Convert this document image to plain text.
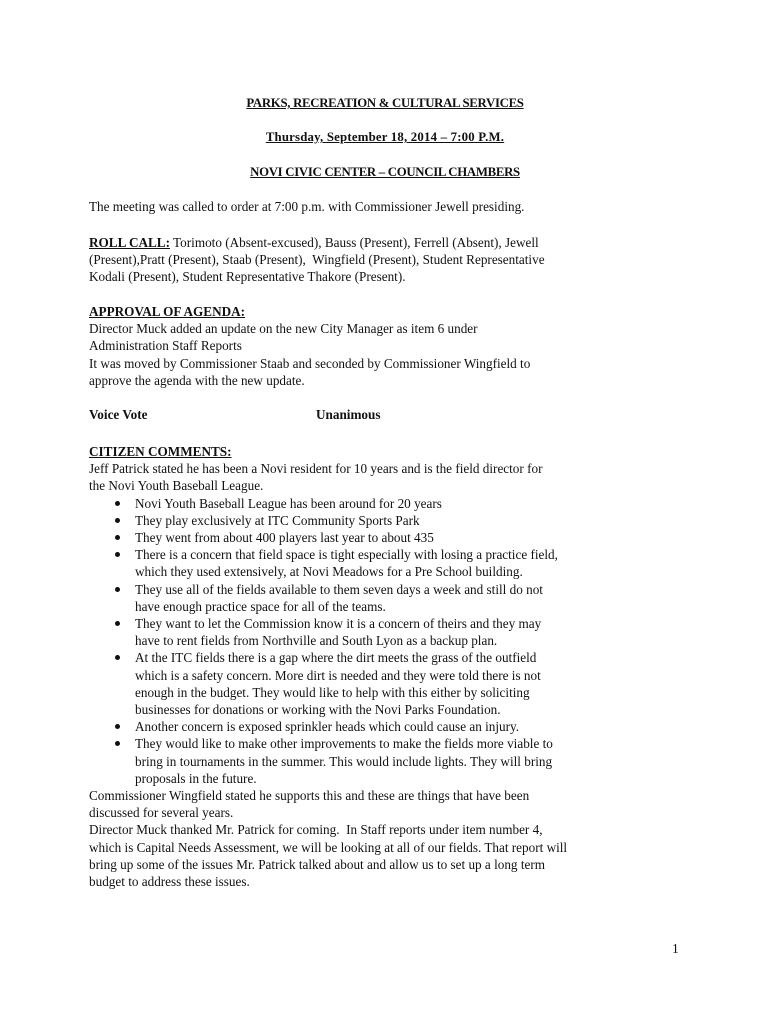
PARKS, RECREATION & CULTURAL SERVICES
Thursday, September 18, 2014 – 7:00 P.M.
NOVI CIVIC CENTER – COUNCIL CHAMBERS
The meeting was called to order at 7:00 p.m. with Commissioner Jewell presiding.
ROLL CALL: Torimoto (Absent-excused), Bauss (Present), Ferrell (Absent), Jewell
(Present),Pratt (Present), Staab (Present),  Wingfield (Present), Student Representative
Kodali (Present), Student Representative Thakore (Present).
APPROVAL OF AGENDA:
Director Muck added an update on the new City Manager as item 6 under
Administration Staff Reports
It was moved by Commissioner Staab and seconded by Commissioner Wingfield to
approve the agenda with the new update.
Voice Vote	Unanimous
CITIZEN COMMENTS:
Jeff Patrick stated he has been a Novi resident for 10 years and is the field director for
the Novi Youth Baseball League.
Novi Youth Baseball League has been around for 20 years
They play exclusively at ITC Community Sports Park
They went from about 400 players last year to about 435
There is a concern that field space is tight especially with losing a practice field,
which they used extensively, at Novi Meadows for a Pre School building.
They use all of the fields available to them seven days a week and still do not
have enough practice space for all of the teams.
They want to let the Commission know it is a concern of theirs and they may
have to rent fields from Northville and South Lyon as a backup plan.
At the ITC fields there is a gap where the dirt meets the grass of the outfield
which is a safety concern. More dirt is needed and they were told there is not
enough in the budget. They would like to help with this either by soliciting
businesses for donations or working with the Novi Parks Foundation.
Another concern is exposed sprinkler heads which could cause an injury.
They would like to make other improvements to make the fields more viable to
bring in tournaments in the summer. This would include lights. They will bring
proposals in the future.
Commissioner Wingfield stated he supports this and these are things that have been
discussed for several years.
Director Muck thanked Mr. Patrick for coming.  In Staff reports under item number 4,
which is Capital Needs Assessment, we will be looking at all of our fields. That report will
bring up some of the issues Mr. Patrick talked about and allow us to set up a long term
budget to address these issues.
1
